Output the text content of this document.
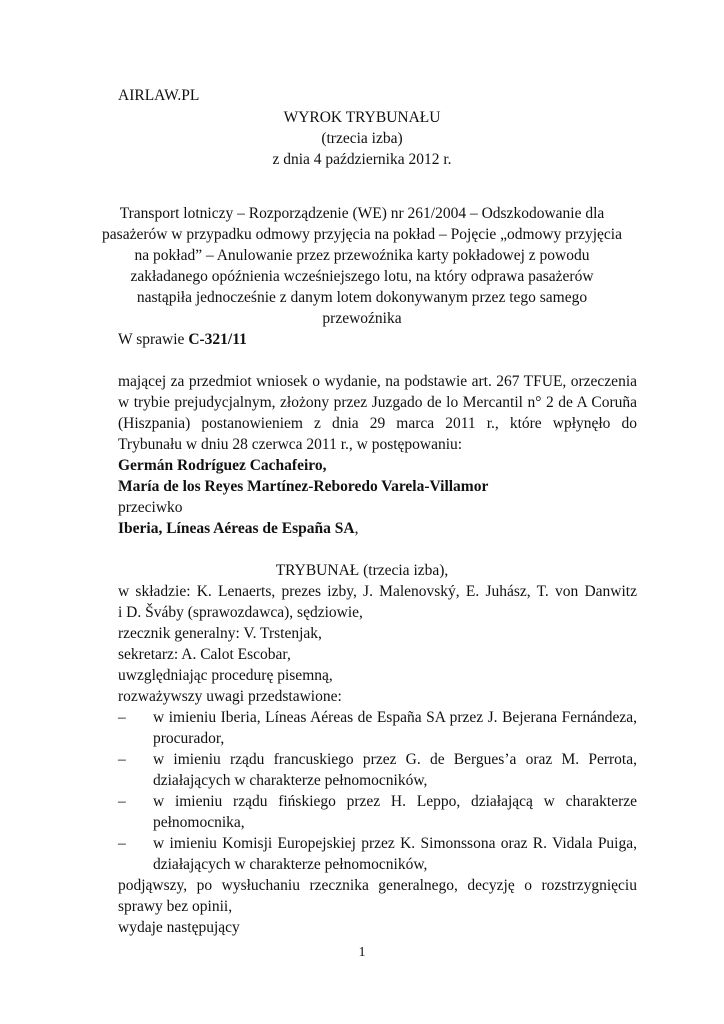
AIRLAW.PL
WYROK TRYBUNAŁU
(trzecia izba)
z dnia 4 października 2012 r.
Transport lotniczy – Rozporządzenie (WE) nr 261/2004 – Odszkodowanie dla
pasażerów w przypadku odmowy przyjęcia na pokład – Pojęcie „odmowy przyjęcia
na pokład” – Anulowanie przez przewoźnika karty pokładowej z powodu
zakładanego opóźnienia wcześniejszego lotu, na który odprawa pasażerów
nastąpiła jednocześnie z danym lotem dokonywanym przez tego samego
przewoźnika
W sprawie C‑321/11
mającej za przedmiot wniosek o wydanie, na podstawie art. 267 TFUE, orzeczenia
w trybie prejudycjalnym, złożony przez Juzgado de lo Mercantil n° 2 de A Coruña
(Hiszpania) postanowieniem z dnia 29 marca 2011 r., które wpłynęło do
Trybunału w dniu 28 czerwca 2011 r., w postępowaniu:
Germán Rodríguez Cachafeiro,
María de los Reyes Martínez-Reboredo Varela-Villamor
przeciwko
Iberia, Líneas Aéreas de España SA,
TRYBUNAŁ (trzecia izba),
w składzie: K. Lenaerts, prezes izby, J. Malenovský, E. Juhász, T. von Danwitz
i D. Šváby (sprawozdawca), sędziowie,
rzecznik generalny: V. Trstenjak,
sekretarz: A. Calot Escobar,
uwzględniając procedurę pisemną,
rozważywszy uwagi przedstawione:
– w imieniu Iberia, Líneas Aéreas de España SA przez J. Bejerana Fernándeza,
procurador,
– w imieniu rządu francuskiego przez G. de Bergues’a oraz M. Perrota,
działających w charakterze pełnomocników,
– w imieniu rządu fińskiego przez H. Leppo, działającą w charakterze
pełnomocnika,
– w imieniu Komisji Europejskiej przez K. Simonssona oraz R. Vidala Puiga,
działających w charakterze pełnomocników,
podjąwszy, po wysłuchaniu rzecznika generalnego, decyzję o rozstrzygnięciu
sprawy bez opinii,
wydaje następujący
1
